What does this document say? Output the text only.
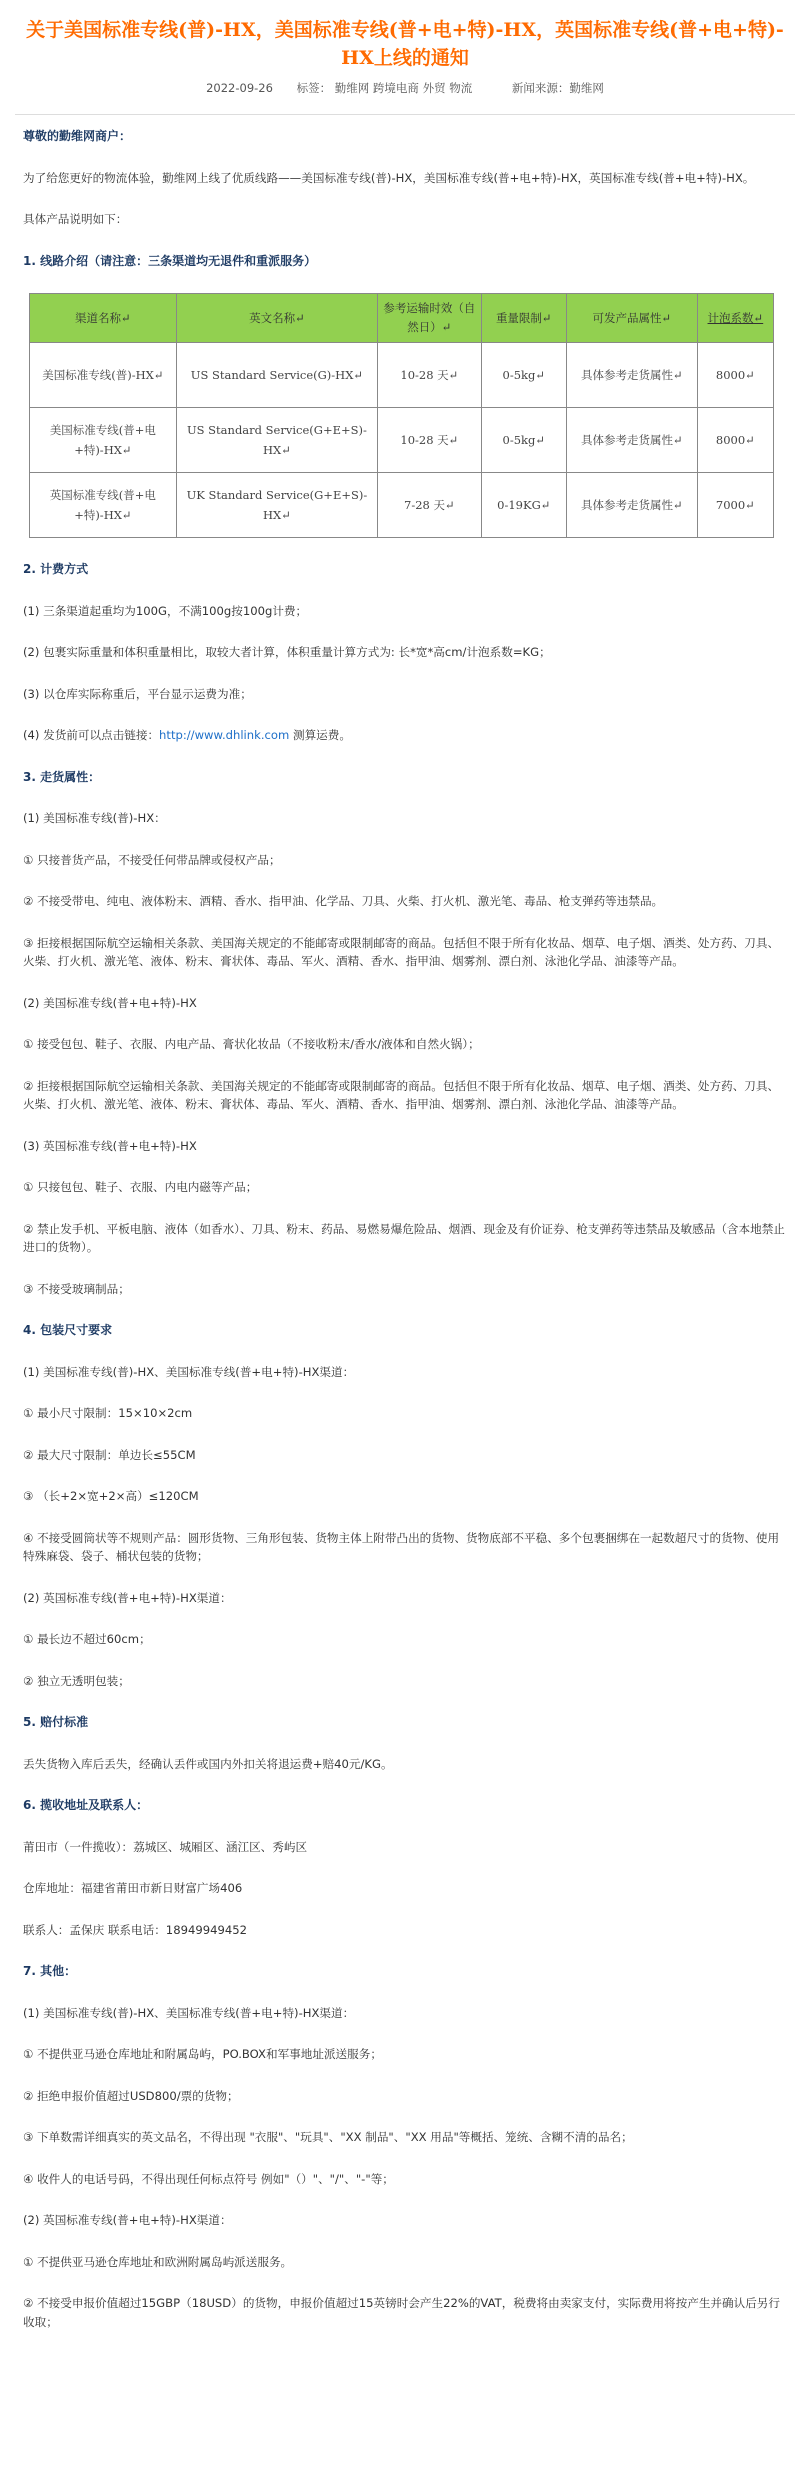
关于美国标准专线(普)-HX，美国标准专线(普+电+特)-HX，英国标准专线(普+电+特)-HX上线的通知
2022-09-26 标签： 勤维网 跨境电商 外贸 物流	新闻来源：勤维网
尊敬的勤维网商户：
为了给您更好的物流体验，勤维网上线了优质线路——美国标准专线(普)-HX，美国标准专线(普+电+特)-HX，英国标准专线(普+电+特)-HX。
具体产品说明如下：
1. 线路介绍（请注意：三条渠道均无退件和重派服务）
渠道名称↵	英文名称↵	参考运输时效（自然日）↵	重量限制↵	可发产品属性↵	计泡系数↵
美国标准专线(普)-HX↵	US Standard Service(G)-HX↵	10-28 天↵	0-5kg↵	具体参考走货属性↵	8000↵
美国标准专线(普+电+特)-HX↵	US Standard Service(G+E+S)-HX↵	10-28 天↵	0-5kg↵	具体参考走货属性↵	8000↵
英国标准专线(普+电+特)-HX↵	UK Standard Service(G+E+S)-HX↵	7-28 天↵	0-19KG↵	具体参考走货属性↵	7000↵
2. 计费方式
(1) 三条渠道起重均为100G，不满100g按100g计费；
(2) 包裹实际重量和体积重量相比，取较大者计算，体积重量计算方式为: 长*宽*高cm/计泡系数=KG；
(3) 以仓库实际称重后，平台显示运费为准；
(4) 发货前可以点击链接：http://www.dhlink.com 测算运费。
3. 走货属性：
(1) 美国标准专线(普)-HX：
① 只接普货产品，不接受任何带品牌或侵权产品；
② 不接受带电、纯电、液体粉末、酒精、香水、指甲油、化学品、刀具、火柴、打火机、激光笔、毒品、枪支弹药等违禁品。
③ 拒接根据国际航空运输相关条款、美国海关规定的不能邮寄或限制邮寄的商品。包括但不限于所有化妆品、烟草、电子烟、酒类、处方药、刀具、火柴、打火机、激光笔、液体、粉末、膏状体、毒品、军火、酒精、香水、指甲油、烟雾剂、漂白剂、泳池化学品、油漆等产品。
(2) 美国标准专线(普+电+特)-HX
① 接受包包、鞋子、衣服、内电产品、膏状化妆品（不接收粉末/香水/液体和自然火锅）；
② 拒接根据国际航空运输相关条款、美国海关规定的不能邮寄或限制邮寄的商品。包括但不限于所有化妆品、烟草、电子烟、酒类、处方药、刀具、火柴、打火机、激光笔、液体、粉末、膏状体、毒品、军火、酒精、香水、指甲油、烟雾剂、漂白剂、泳池化学品、油漆等产品。
(3) 英国标准专线(普+电+特)-HX
① 只接包包、鞋子、衣服、内电内磁等产品；
② 禁止发手机、平板电脑、液体（如香水）、刀具、粉末、药品、易燃易爆危险品、烟酒、现金及有价证券、枪支弹药等违禁品及敏感品（含本地禁止进口的货物）。
③ 不接受玻璃制品；
4. 包装尺寸要求
(1) 美国标准专线(普)-HX、美国标准专线(普+电+特)-HX渠道：
① 最小尺寸限制：15×10×2cm
② 最大尺寸限制：单边长≤55CM
③ （长+2×宽+2×高）≤120CM
④ 不接受圆筒状等不规则产品：圆形货物、三角形包装、货物主体上附带凸出的货物、货物底部不平稳、多个包裹捆绑在一起数超尺寸的货物、使用特殊麻袋、袋子、桶状包装的货物；
(2) 英国标准专线(普+电+特)-HX渠道：
① 最长边不超过60cm；
② 独立无透明包装；
5. 赔付标准
丢失货物入库后丢失，经确认丢件或国内外扣关将退运费+赔40元/KG。
6. 揽收地址及联系人：
莆田市（一件揽收）：荔城区、城厢区、涵江区、秀屿区
仓库地址：福建省莆田市新日财富广场406
联系人：孟保庆 联系电话：18949949452
7. 其他：
(1) 美国标准专线(普)-HX、美国标准专线(普+电+特)-HX渠道：
① 不提供亚马逊仓库地址和附属岛屿，PO.BOX和军事地址派送服务；
② 拒绝申报价值超过USD800/票的货物；
③ 下单数需详细真实的英文品名，不得出现 "衣服"、"玩具"、"XX 制品"、"XX 用品"等概括、笼统、含糊不清的品名；
④ 收件人的电话号码，不得出现任何标点符号 例如"（）"、"/"、"-"等；
(2) 英国标准专线(普+电+特)-HX渠道：
① 不提供亚马逊仓库地址和欧洲附属岛屿派送服务。
② 不接受申报价值超过15GBP（18USD）的货物，申报价值超过15英镑时会产生22%的VAT，税费将由卖家支付，实际费用将按产生并确认后另行收取；
